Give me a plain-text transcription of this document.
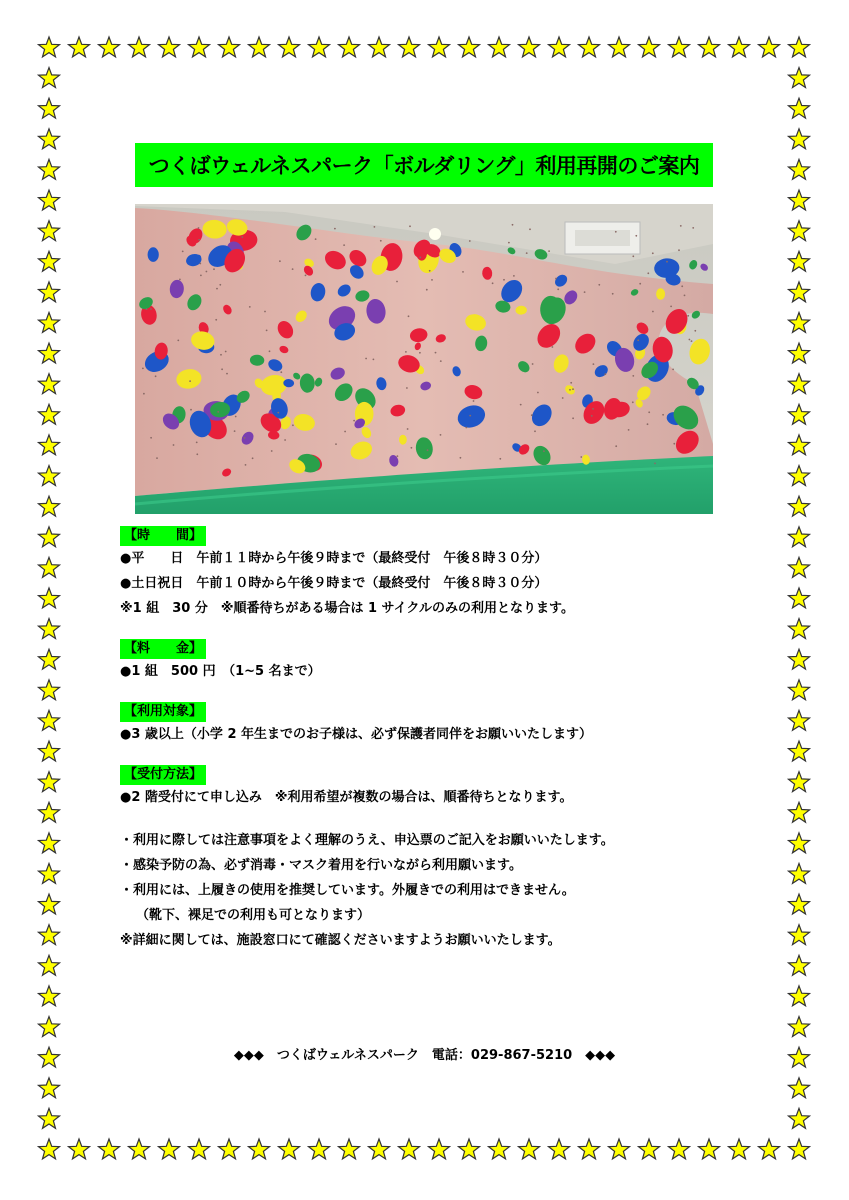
つくばウェルネスパーク「ボルダリング」利用再開のご案内
【時　　間】
●平　　日　午前１１時から午後９時まで（最終受付　午後８時３０分）
●土日祝日　午前１０時から午後９時まで（最終受付　午後８時３０分）
※1 組　30 分　※順番待ちがある場合は 1 サイクルのみの利用となります。
【料　　金】
●1 組　500 円　（1~5 名まで）
【利用対象】
●3 歳以上（小学 2 年生までのお子様は、必ず保護者同伴をお願いいたします）
【受付方法】
●2 階受付にて申し込み　※利用希望が複数の場合は、順番待ちとなります。
・利用に際しては注意事項をよく理解のうえ、申込票のご記入をお願いいたします。
・感染予防の為、必ず消毒・マスク着用を行いながら利用願います。
・利用には、上履きの使用を推奨しています。外履きでの利用はできません。
（靴下、裸足での利用も可となります）
※詳細に関しては、施設窓口にて確認くださいますようお願いいたします。
◆◆◆　つくばウェルネスパーク　電話：029-867-5210　◆◆◆
